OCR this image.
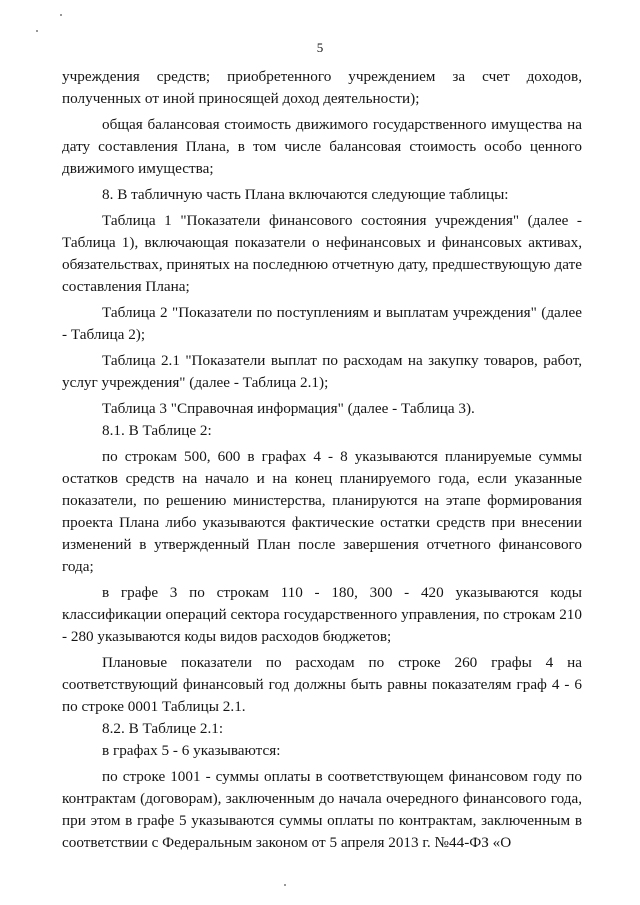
5

учреждения средств; приобретенного учреждением за счет доходов, полученных от иной приносящей доход деятельности);

общая балансовая стоимость движимого государственного имущества на дату составления Плана, в том числе балансовая стоимость особо ценного движимого имущества;

8. В табличную часть Плана включаются следующие таблицы:

Таблица 1 "Показатели финансового состояния учреждения" (далее - Таблица 1), включающая показатели о нефинансовых и финансовых активах, обязательствах, принятых на последнюю отчетную дату, предшествующую дате составления Плана;

Таблица 2 "Показатели по поступлениям и выплатам учреждения" (далее - Таблица 2);

Таблица 2.1 "Показатели выплат по расходам на закупку товаров, работ, услуг учреждения" (далее - Таблица 2.1);

Таблица 3 "Справочная информация" (далее - Таблица 3).

8.1. В Таблице 2:

по строкам 500, 600 в графах 4 - 8 указываются планируемые суммы остатков средств на начало и на конец планируемого года, если указанные показатели, по решению министерства, планируются на этапе формирования проекта Плана либо указываются фактические остатки средств при внесении изменений в утвержденный План после завершения отчетного финансового года;

в графе 3 по строкам 110 - 180, 300 - 420 указываются коды классификации операций сектора государственного управления, по строкам 210 - 280 указываются коды видов расходов бюджетов;

Плановые показатели по расходам по строке 260 графы 4 на соответствующий финансовый год должны быть равны показателям граф 4 - 6 по строке 0001 Таблицы 2.1.

8.2. В Таблице 2.1:

в графах 5 - 6 указываются:

по строке 1001 - суммы оплаты в соответствующем финансовом году по контрактам (договорам), заключенным до начала очередного финансового года, при этом в графе 5 указываются суммы оплаты по контрактам, заключенным в соответствии с Федеральным законом от 5 апреля 2013 г. №44-ФЗ «О
